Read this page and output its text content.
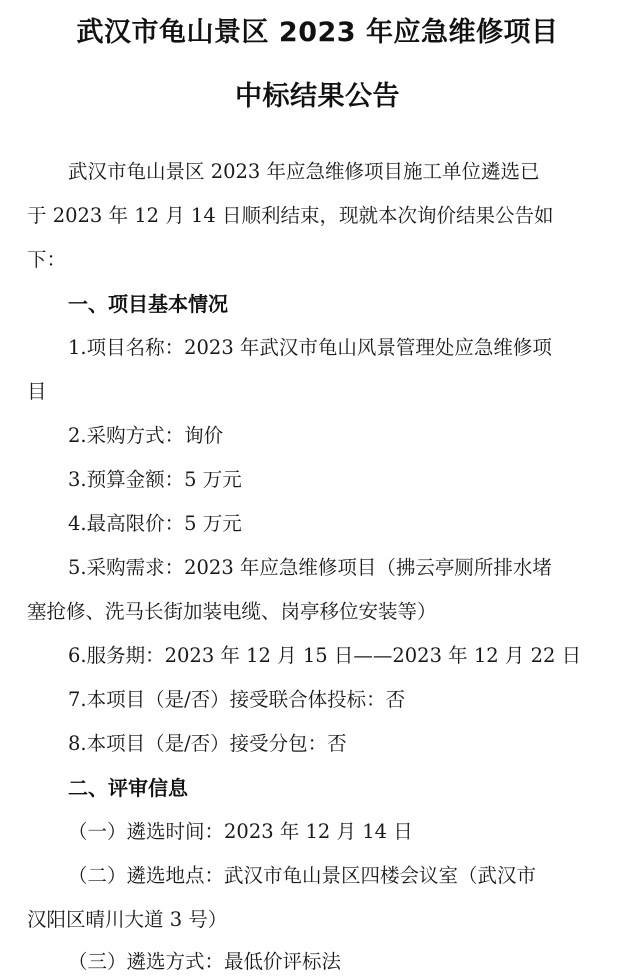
武汉市龟山景区 2023 年应急维修项目
中标结果公告
武汉市龟山景区 2023 年应急维修项目施工单位遴选已
于 2023 年 12 月 14 日顺利结束，现就本次询价结果公告如
下：
一、项目基本情况
1.项目名称：2023 年武汉市龟山风景管理处应急维修项
目
2.采购方式：询价
3.预算金额：5 万元
4.最高限价：5 万元
5.采购需求：2023 年应急维修项目（拂云亭厕所排水堵
塞抢修、洗马长街加装电缆、岗亭移位安装等）
6.服务期：2023 年 12 月 15 日——2023 年 12 月 22 日
7.本项目（是/否）接受联合体投标：否
8.本项目（是/否）接受分包：否
二、评审信息
（一）遴选时间：2023 年 12 月 14 日
（二）遴选地点：武汉市龟山景区四楼会议室（武汉市
汉阳区晴川大道 3 号）
（三）遴选方式：最低价评标法
